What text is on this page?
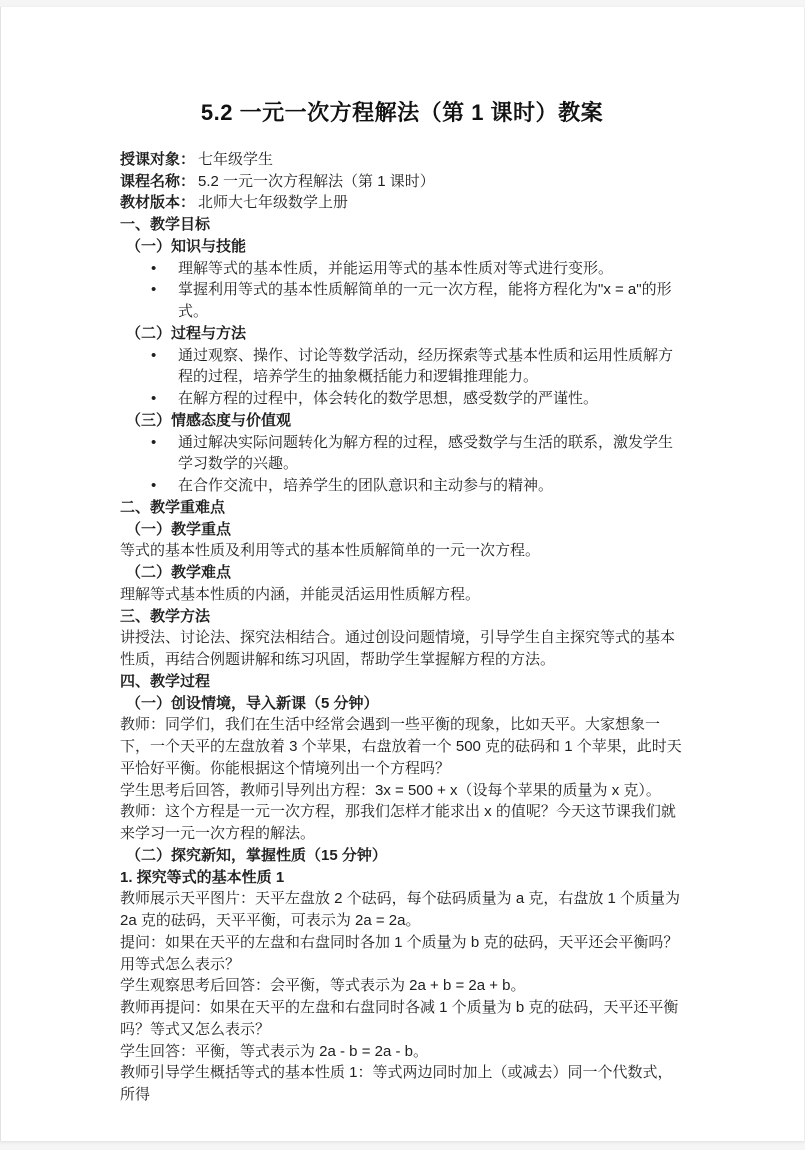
5.2 一元一次方程解法（第 1 课时）教案

授课对象： 七年级学生

课程名称： 5.2 一元一次方程解法（第 1 课时）

教材版本： 北师大七年级数学上册

一、教学目标

（一）知识与技能

• 理解等式的基本性质，并能运用等式的基本性质对等式进行变形。

• 掌握利用等式的基本性质解简单的一元一次方程，能将方程化为"x = a"的形式。

（二）过程与方法

• 通过观察、操作、讨论等数学活动，经历探索等式基本性质和运用性质解方程的过程，培养学生的抽象概括能力和逻辑推理能力。

• 在解方程的过程中，体会转化的数学思想，感受数学的严谨性。

（三）情感态度与价值观

• 通过解决实际问题转化为解方程的过程，感受数学与生活的联系，激发学生学习数学的兴趣。

• 在合作交流中，培养学生的团队意识和主动参与的精神。

二、教学重难点

（一）教学重点

等式的基本性质及利用等式的基本性质解简单的一元一次方程。

（二）教学难点

理解等式基本性质的内涵，并能灵活运用性质解方程。

三、教学方法

讲授法、讨论法、探究法相结合。通过创设问题情境，引导学生自主探究等式的基本性质，再结合例题讲解和练习巩固，帮助学生掌握解方程的方法。

四、教学过程

（一）创设情境，导入新课（5 分钟）

教师：同学们，我们在生活中经常会遇到一些平衡的现象，比如天平。大家想象一下，一个天平的左盘放着 3 个苹果，右盘放着一个 500 克的砝码和 1 个苹果，此时天平恰好平衡。你能根据这个情境列出一个方程吗？

学生思考后回答，教师引导列出方程：3x = 500 + x（设每个苹果的质量为 x 克）。

教师：这个方程是一元一次方程，那我们怎样才能求出 x 的值呢？今天这节课我们就来学习一元一次方程的解法。

（二）探究新知，掌握性质（15 分钟）

1. 探究等式的基本性质 1

教师展示天平图片：天平左盘放 2 个砝码，每个砝码质量为 a 克，右盘放 1 个质量为 2a 克的砝码，天平平衡，可表示为 2a = 2a。

提问：如果在天平的左盘和右盘同时各加 1 个质量为 b 克的砝码，天平还会平衡吗？用等式怎么表示？

学生观察思考后回答：会平衡，等式表示为 2a + b = 2a + b。

教师再提问：如果在天平的左盘和右盘同时各减 1 个质量为 b 克的砝码，天平还平衡吗？等式又怎么表示？

学生回答：平衡，等式表示为 2a - b = 2a - b。

教师引导学生概括等式的基本性质 1：等式两边同时加上（或减去）同一个代数式，所得
